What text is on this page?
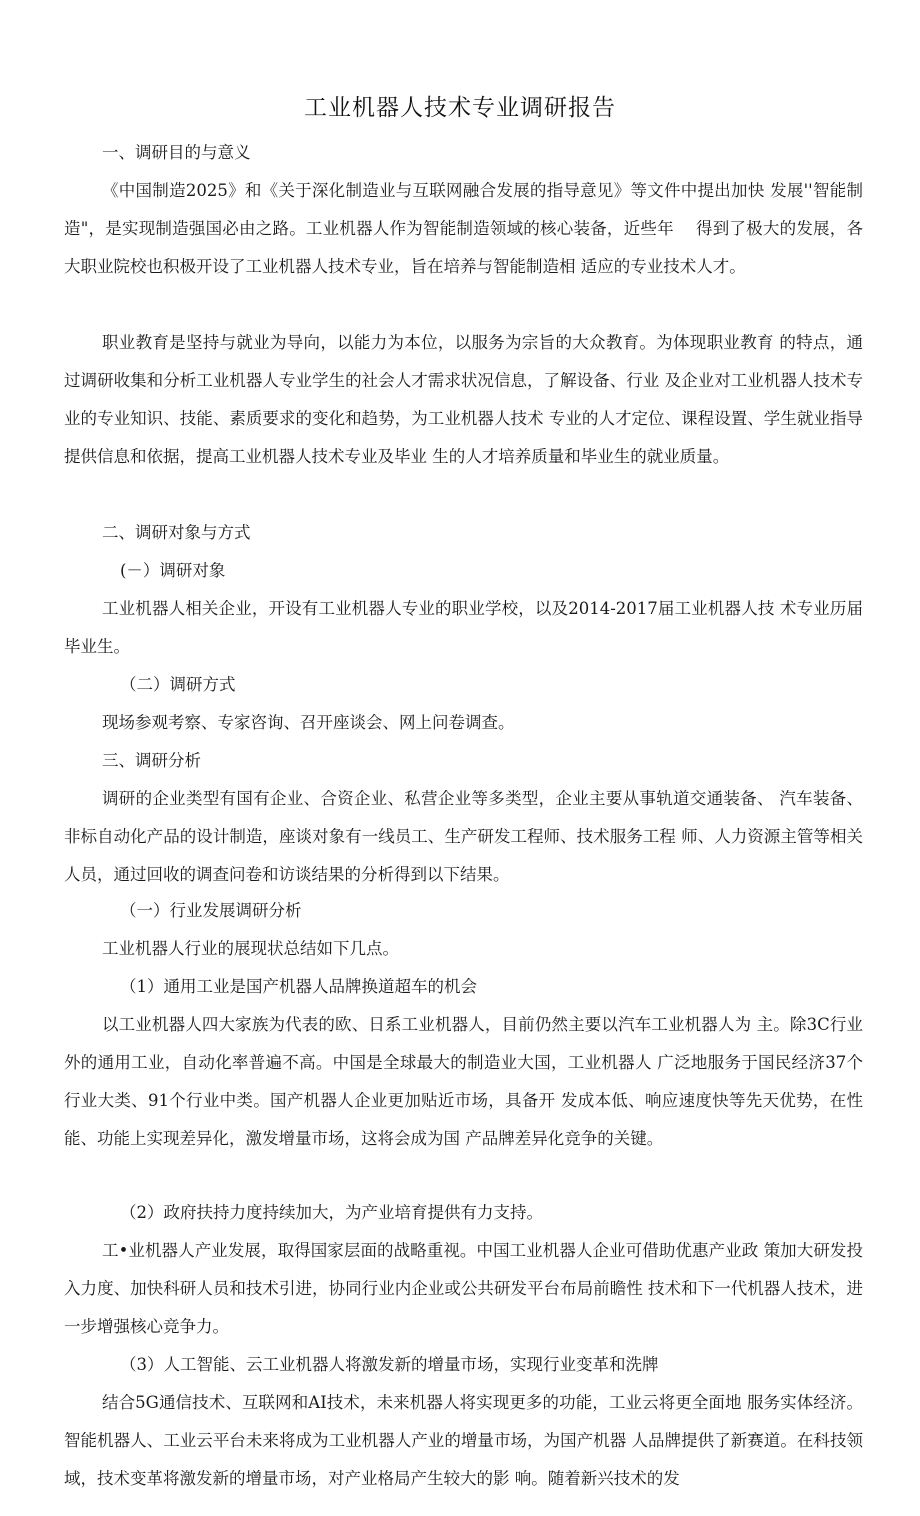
工业机器人技术专业调研报告
一、调研目的与意义

《中国制造2025》和《关于深化制造业与互联网融合发展的指导意见》等文件中提出加快 发展''智能制造"，是实现制造强国必由之路。工业机器人作为智能制造领域的核心装备，近些年　 得到了极大的发展，各大职业院校也积极开设了工业机器人技术专业，旨在培养与智能制造相 适应的专业技术人才。

职业教育是坚持与就业为导向，以能力为本位，以服务为宗旨的大众教育。为体现职业教育 的特点，通过调研收集和分析工业机器人专业学生的社会人才需求状况信息，了解设备、行业 及企业对工业机器人技术专业的专业知识、技能、素质要求的变化和趋势，为工业机器人技术 专业的人才定位、课程设置、学生就业指导提供信息和依据，提高工业机器人技术专业及毕业 生的人才培养质量和毕业生的就业质量。

二、调研对象与方式
(－）调研对象

工业机器人相关企业，开设有工业机器人专业的职业学校，以及2014-2017届工业机器人技 术专业历届毕业生。

（二）调研方式

现场参观考察、专家咨询、召开座谈会、网上问卷调查。

三、调研分析

调研的企业类型有国有企业、合资企业、私营企业等多类型，企业主要从事轨道交通装备、 汽车装备、非标自动化产品的设计制造，座谈对象有一线员工、生产研发工程师、技术服务工程 师、人力资源主管等相关人员，通过回收的调查问卷和访谈结果的分析得到以下结果。

（一）行业发展调研分析

工业机器人行业的展现状总结如下几点。

（1）通用工业是国产机器人品牌换道超车的机会

以工业机器人四大家族为代表的欧、日系工业机器人，目前仍然主要以汽车工业机器人为 主。除3C行业外的通用工业，自动化率普遍不高。中国是全球最大的制造业大国，工业机器人 广泛地服务于国民经济37个行业大类、91个行业中类。国产机器人企业更加贴近市场，具备开 发成本低、响应速度快等先天优势，在性能、功能上实现差异化，激发增量市场，这将会成为国 产品牌差异化竞争的关键。

（2）政府扶持力度持续加大，为产业培育提供有力支持。

工•业机器人产业发展，取得国家层面的战略重视。中国工业机器人企业可借助优惠产业政 策加大研发投入力度、加快科研人员和技术引进，协同行业内企业或公共研发平台布局前瞻性 技术和下一代机器人技术，进一步增强核心竞争力。

（3）人工智能、云工业机器人将激发新的增量市场，实现行业变革和洗牌

结合5G通信技术、互联网和AI技术，未来机器人将实现更多的功能，工业云将更全面地 服务实体经济。智能机器人、工业云平台未来将成为工业机器人产业的增量市场，为国产机器 人品牌提供了新赛道。在科技领域，技术变革将激发新的增量市场，对产业格局产生较大的影 响。随着新兴技术的发
